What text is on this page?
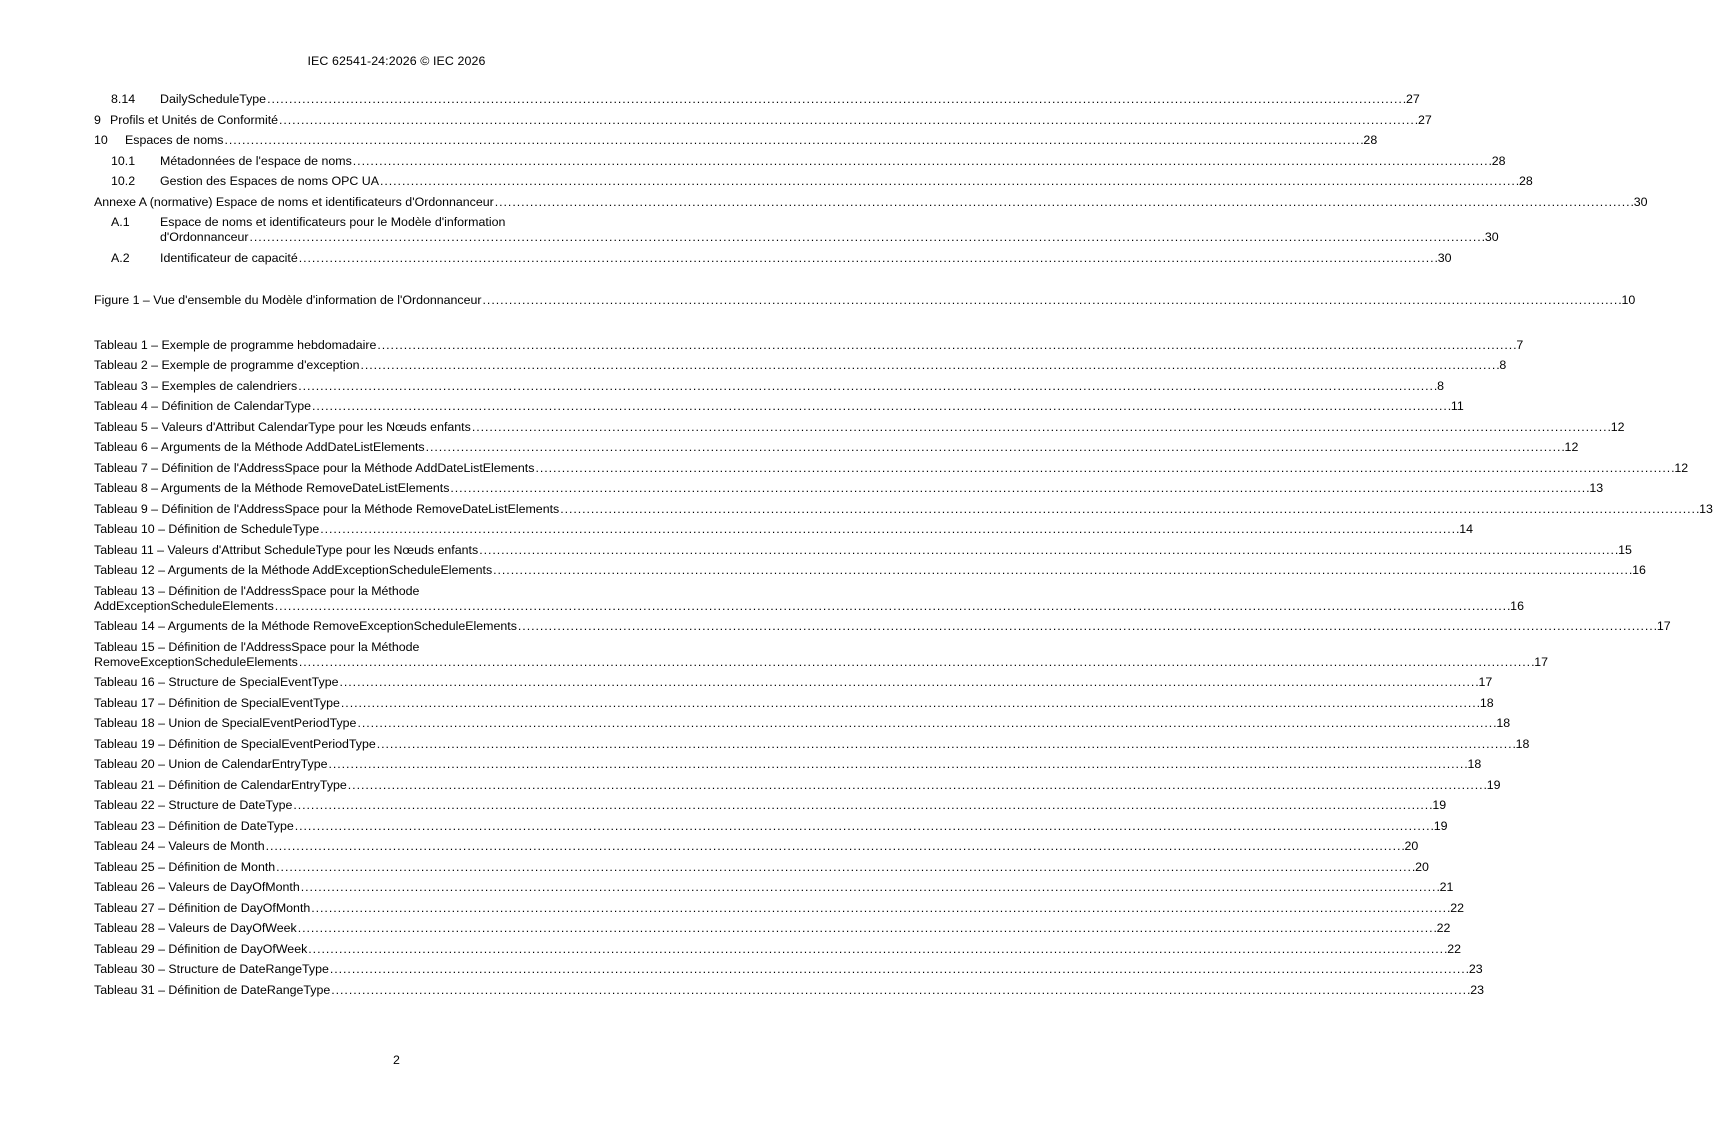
IEC 62541-24:2026 © IEC 2026
8.14	DailyScheduleType . . .	27
9 Profils et Unités de Conformité . . .	27
10	Espaces de noms . . .	28
10.1	Métadonnées de l'espace de noms . . .	28
10.2	Gestion des Espaces de noms OPC UA . . .	28
Annexe A (normative) Espace de noms et identificateurs d'Ordonnanceur . . .	30
A.1 Espace de noms et identificateurs pour le Modèle d'information
d'Ordonnanceur . . .	30
A.2	Identificateur de capacité . . .	30
Figure 1 – Vue d'ensemble du Modèle d'information de l'Ordonnanceur . . .	10
Tableau 1 – Exemple de programme hebdomadaire . . .	7
Tableau 2 – Exemple de programme d'exception . . .	8
Tableau 3 – Exemples de calendriers . . .	8
Tableau 4 – Définition de CalendarType . . .	11
Tableau 5 – Valeurs d'Attribut CalendarType pour les Nœuds enfants . . .	12
Tableau 6 – Arguments de la Méthode AddDateListElements . . .	12
Tableau 7 – Définition de l'AddressSpace pour la Méthode AddDateListElements . . .	12
Tableau 8 – Arguments de la Méthode RemoveDateListElements . . .	13
Tableau 9 – Définition de l'AddressSpace pour la Méthode RemoveDateListElements . . .	13
Tableau 10 – Définition de ScheduleType . . .	14
Tableau 11 – Valeurs d'Attribut ScheduleType pour les Nœuds enfants . . .	15
Tableau 12 – Arguments de la Méthode AddExceptionScheduleElements . . .	16
Tableau 13 – Définition de l'AddressSpace pour la Méthode
AddExceptionScheduleElements . . .	16
Tableau 14 – Arguments de la Méthode RemoveExceptionScheduleElements . . .	17
Tableau 15 – Définition de l'AddressSpace pour la Méthode
RemoveExceptionScheduleElements . . .	17
Tableau 16 – Structure de SpecialEventType . . .	17
Tableau 17 – Définition de SpecialEventType . . .	18
Tableau 18 – Union de SpecialEventPeriodType . . .	18
Tableau 19 – Définition de SpecialEventPeriodType . . .	18
Tableau 20 – Union de CalendarEntryType . . .	18
Tableau 21 – Définition de CalendarEntryType . . .	19
Tableau 22 – Structure de DateType . . .	19
Tableau 23 – Définition de DateType . . .	19
Tableau 24 – Valeurs de Month . . .	20
Tableau 25 – Définition de Month . . .	20
Tableau 26 – Valeurs de DayOfMonth . . .	21
Tableau 27 – Définition de DayOfMonth . . .	22
Tableau 28 – Valeurs de DayOfWeek . . .	22
Tableau 29 – Définition de DayOfWeek . . .	22
Tableau 30 – Structure de DateRangeType . . .	23
Tableau 31 – Définition de DateRangeType . . .	23
2
